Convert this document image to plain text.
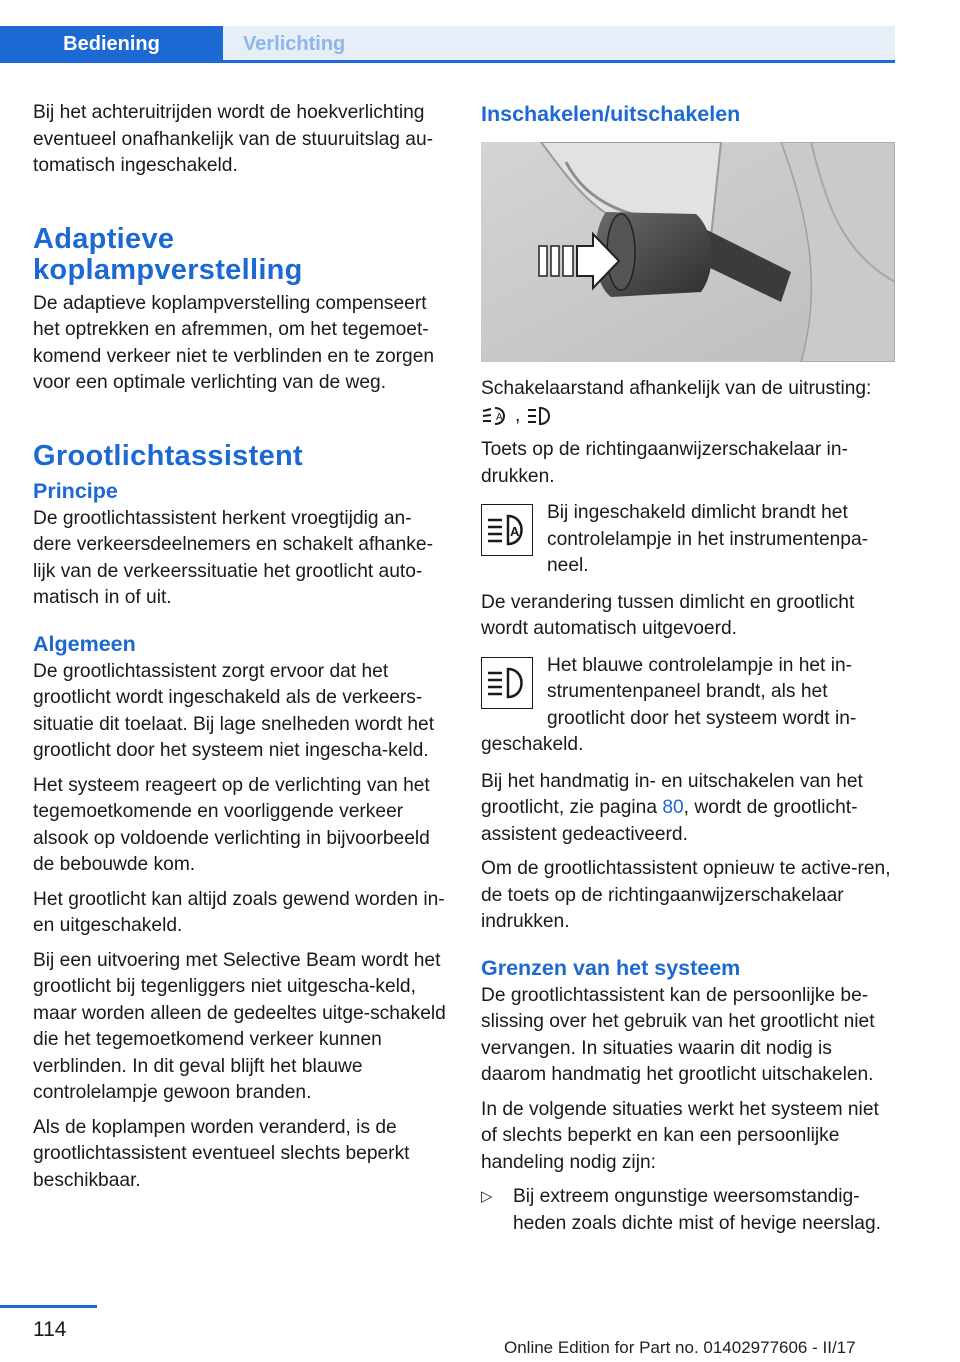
Bediening	Verlichting

Bij het achteruitrijden wordt de hoekverlichting eventueel onafhankelijk van de stuuruitslag au‐tomatisch ingeschakeld.

Adaptieve koplampverstelling

De adaptieve koplampverstelling compenseert het optrekken en afremmen, om het tegemoet‐komend verkeer niet te verblinden en te zorgen voor een optimale verlichting van de weg.

Grootlichtassistent
Principe

De grootlichtassistent herkent vroegtijdig an‐dere verkeersdeelnemers en schakelt afhanke‐lijk van de verkeerssituatie het grootlicht auto‐matisch in of uit.

Algemeen

De grootlichtassistent zorgt ervoor dat het grootlicht wordt ingeschakeld als de verkeers‐situatie dit toelaat. Bij lage snelheden wordt het grootlicht door het systeem niet ingescha‐keld.

Het systeem reageert op de verlichting van het tegemoetkomende en voorliggende verkeer alsook op voldoende verlichting in bijvoorbeeld de bebouwde kom.

Het grootlicht kan altijd zoals gewend worden in- en uitgeschakeld.

Bij een uitvoering met Selective Beam wordt het grootlicht bij tegenliggers niet uitgescha‐keld, maar worden alleen de gedeeltes uitge‐schakeld die het tegemoetkomend verkeer kunnen verblinden. In dit geval blijft het blauwe controlelampje gewoon branden.

Als de koplampen worden veranderd, is de grootlichtassistent eventueel slechts beperkt beschikbaar.

Inschakelen/uitschakelen

Schakelaarstand afhankelijk van de uitrusting:

A ,

Toets op de richtingaanwijzerschakelaar in‐drukken.

A

Bij ingeschakeld dimlicht brandt het controlelampje in het instrumentenpa‐neel.

De verandering tussen dimlicht en grootlicht wordt automatisch uitgevoerd.

Het blauwe controlelampje in het in‐strumentenpaneel brandt, als het grootlicht door het systeem wordt in‐

geschakeld.

Bij het handmatig in- en uitschakelen van het grootlicht, zie pagina 80, wordt de grootlicht‐assistent gedeactiveerd.

Om de grootlichtassistent opnieuw te active‐ren, de toets op de richtingaanwijzerschakelaar indrukken.

Grenzen van het systeem

De grootlichtassistent kan de persoonlijke be‐slissing over het gebruik van het grootlicht niet vervangen. In situaties waarin dit nodig is daarom handmatig het grootlicht uitschakelen.

In de volgende situaties werkt het systeem niet of slechts beperkt en kan een persoonlijke handeling nodig zijn:

▷ Bij extreem ongunstige weersomstandig‐heden zoals dichte mist of hevige neerslag.
114
Online Edition for Part no. 01402977606 - II/17
